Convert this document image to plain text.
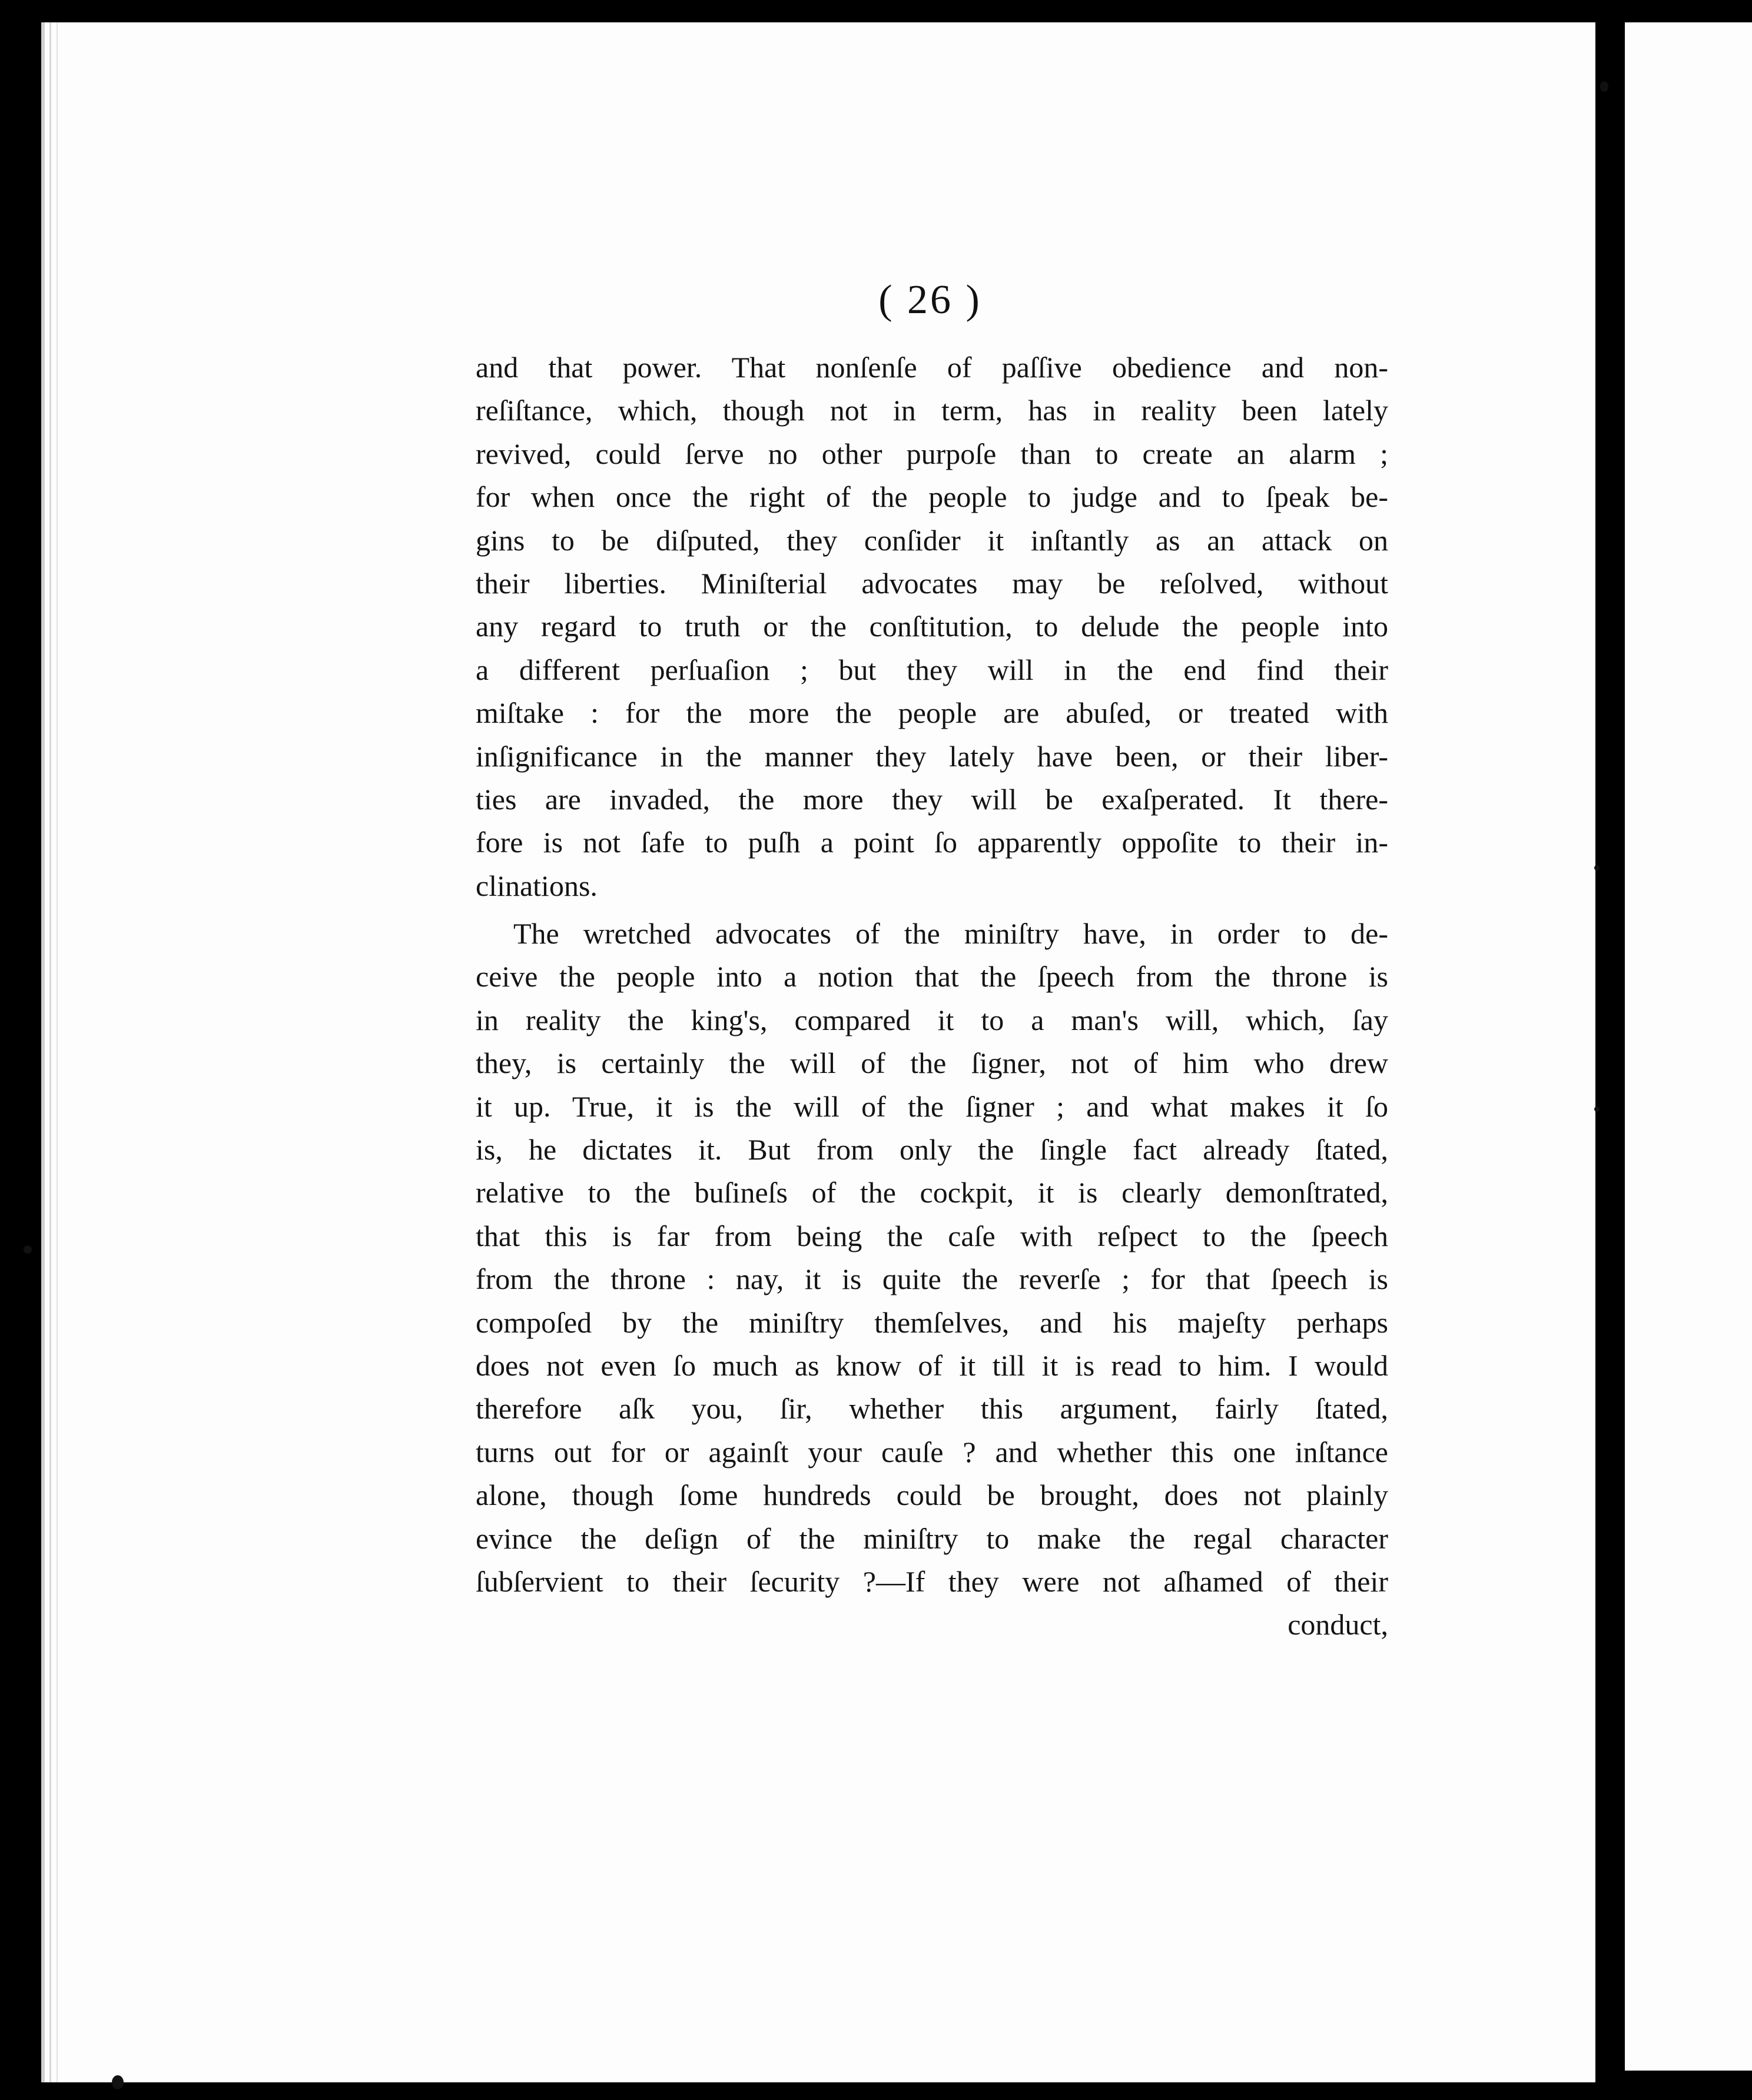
( 26 )
and that power. That nonſenſe of paſſive obedience and non-
reſiſtance, which, though not in term, has in reality been lately
revived, could ſerve no other purpoſe than to create an alarm ;
for when once the right of the people to judge and to ſpeak be-
gins to be diſputed, they conſider it inſtantly as an attack on
their liberties. Miniſterial advocates may be reſolved, without
any regard to truth or the conſtitution, to delude the people into
a different perſuaſion ; but they will in the end find their
miſtake : for the more the people are abuſed, or treated with
inſignificance in the manner they lately have been, or their liber-
ties are invaded, the more they will be exaſperated. It there-
fore is not ſafe to puſh a point ſo apparently oppoſite to their in-
clinations.
The wretched advocates of the miniſtry have, in order to de-
ceive the people into a notion that the ſpeech from the throne is
in reality the king's, compared it to a man's will, which, ſay
they, is certainly the will of the ſigner, not of him who drew
it up. True, it is the will of the ſigner ; and what makes it ſo
is, he dictates it. But from only the ſingle fact already ſtated,
relative to the buſineſs of the cockpit, it is clearly demonſtrated,
that this is far from being the caſe with reſpect to the ſpeech
from the throne : nay, it is quite the reverſe ; for that ſpeech is
compoſed by the miniſtry themſelves, and his majeſty perhaps
does not even ſo much as know of it till it is read to him. I would
therefore aſk you, ſir, whether this argument, fairly ſtated,
turns out for or againſt your cauſe ? and whether this one inſtance
alone, though ſome hundreds could be brought, does not plainly
evince the deſign of the miniſtry to make the regal character
ſubſervient to their ſecurity ?—If they were not aſhamed of their
conduct,
